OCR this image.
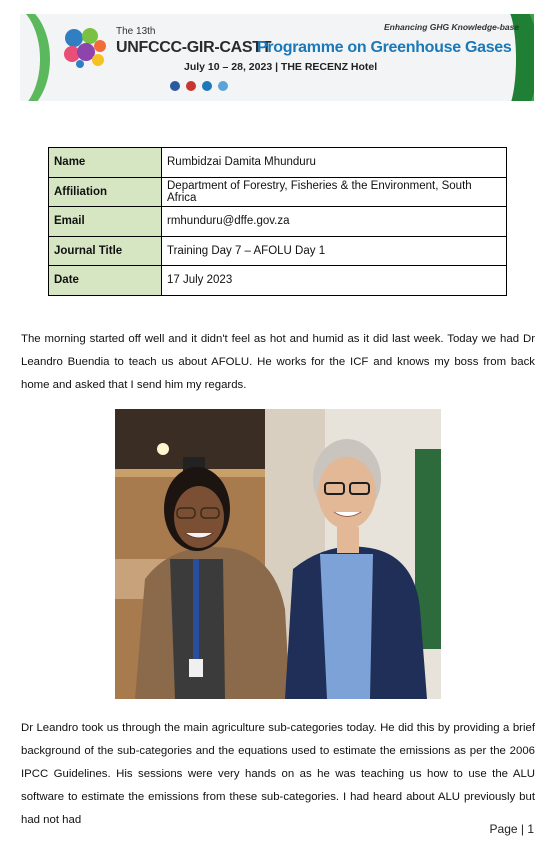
The 13th
UNFCCC-GIR-CASTT
Programme on Greenhouse Gases
July 10 – 28, 2023 | THE RECENZ Hotel
Enhancing GHG Knowledge-base
Name	Rumbidzai Damita Mhunduru
Affiliation	Department of Forestry, Fisheries & the Environment, South Africa
Email	rmhunduru@dffe.gov.za
Journal Title	Training Day 7 – AFOLU Day 1
Date	17 July 2023

The morning started off well and it didn't feel as hot and humid as it did last week. Today we had Dr Leandro Buendia to teach us about AFOLU. He works for the ICF and knows my boss from back home and asked that I send him my regards.

Dr Leandro took us through the main agriculture sub-categories today. He did this by providing a brief background of the sub-categories and the equations used to estimate the emissions as per the 2006 IPCC Guidelines. His sessions were very hands on as he was teaching us how to use the ALU software to estimate the emissions from these sub-categories. I had heard about ALU previously but had not had

Page | 1
